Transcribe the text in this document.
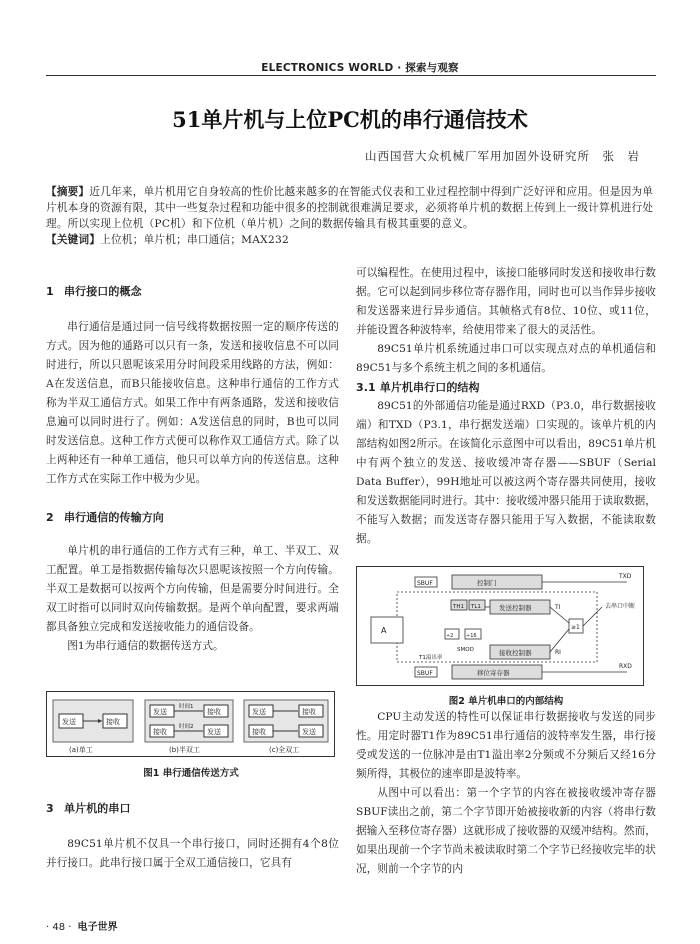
ELECTRONICS WORLD · 探索与观察
51单片机与上位PC机的串行通信技术
山西国营大众机械厂军用加固外设研究所　张　岩
【摘要】近几年来，单片机用它自身较高的性价比越来越多的在智能式仪表和工业过程控制中得到广泛好评和应用。但是因为单片机本身的资源有限，其中一些复杂过程和功能中很多的控制就很难满足要求，必须将单片机的数据上传到上一级计算机进行处理。所以实现上位机（PC机）和下位机（单片机）之间的数据传输具有极其重要的意义。
【关键词】上位机；单片机；串口通信；MAX232
1 串行接口的概念

串行通信是通过同一信号线将数据按照一定的顺序传送的方式。因为他的通路可以只有一条，发送和接收信息不可以同时进行，所以只恩呢该采用分时间段采用线路的方法，例如：A在发送信息，而B只能接收信息。这种串行通信的工作方式称为半双工通信方式。如果工作中有两条通路，发送和接收信息遍可以同时进行了。例如：A发送信息的同时，B也可以同时发送信息。这种工作方式便可以称作双工通信方式。除了以上两种还有一种单工通信，他只可以单方向的传送信息。这种工作方式在实际工作中极为少见。

2 串行通信的传输方向

单片机的串行通信的工作方式有三种，单工、半双工、双工配置。单工是指数据传输每次只恩呢该按照一个方向传输。半双工是数据可以按两个方向传输，但是需要分时间进行。全双工时指可以同时双向传输数据。是两个单向配置，要求两端都具备独立完成和发送接收能力的通信设备。

图1为串行通信的数据传送方式。

发送	接收
(a)单工
发送	接收
接收	发送
时间1
时间2
(b)半双工
发送	接收
接收	发送
(c)全双工
图1 串行通信传送方式
3 单片机的串口

89C51单片机不仅具一个串行接口，同时还拥有4个8位并行接口。此串行接口属于全双工通信接口，它具有

可以编程性。在使用过程中，该接口能够同时发送和接收串行数据。它可以起到同步移位寄存器作用，同时也可以当作异步接收和发送器来进行异步通信。其帧格式有8位、10位、或11位，并能设置各种波特率，给使用带来了很大的灵活性。

89C51单片机系统通过串口可以实现点对点的单机通信和89C51与多个系统主机之间的多机通信。

3.1 单片机串行口的结构

89C51的外部通信功能是通过RXD（P3.0，串行数据接收端）和TXD（P3.1，串行据发送端）口实现的。该单片机的内部结构如图2所示。在该简化示意图中可以看出，89C51单片机中有两个独立的发送、接收缓冲寄存器——SBUF（Serial Data Buffer），99H地址可以被这两个寄存器共同使用，接收和发送数据能同时进行。其中：接收缓冲器只能用于读取数据，不能写入数据；而发送寄存器只能用于写入数据，不能读取数据。

控制门
SBUF
TXD
TH1 TL1	发送控制器	TI	去串口中断
≥1
A
T1溢出率
SMOD
÷2	÷16
接收控制器	RI
SBUF	移位寄存器
RXD
图2 单片机串口的内部结构

CPU主动发送的特性可以保证串行数据接收与发送的同步性。用定时器T1作为89C51串行通信的波特率发生器，串行接受或发送的一位脉冲是由T1溢出率2分频或不分频后又经16分频所得，其极位的速率即是波特率。

从图中可以看出：第一个字节的内容在被接收缓冲寄存器SBUF读出之前，第二个字节即开始被接收新的内容（将串行数据输入至移位寄存器）这就形成了接收器的双缓冲结构。然而，如果出现前一个字节尚未被读取时第二个字节已经接收完毕的状况，则前一个字节的内

· 48 · 电子世界
